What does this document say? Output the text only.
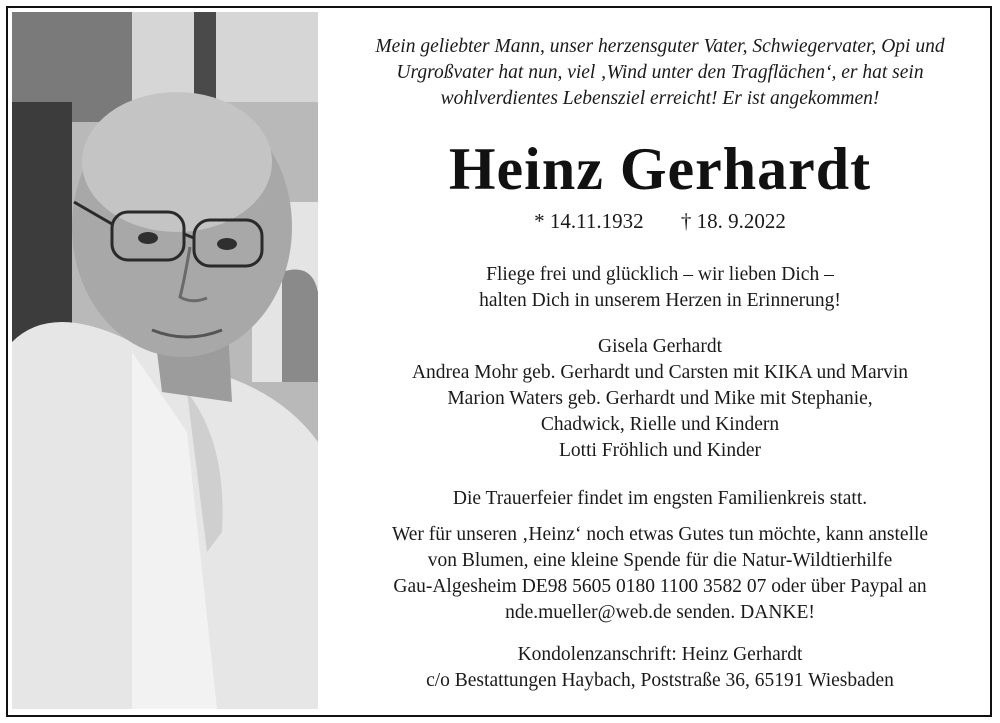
Mein geliebter Mann, unser herzensguter Vater, Schwiegervater, Opi und
Urgroßvater hat nun, viel ‚Wind unter den Tragflächen‘, er hat sein
wohlverdientes Lebensziel erreicht! Er ist angekommen!
Heinz Gerhardt
* 14.11.1932 † 18. 9.2022
Fliege frei und glücklich – wir lieben Dich –
halten Dich in unserem Herzen in Erinnerung!
Gisela Gerhardt
Andrea Mohr geb. Gerhardt und Carsten mit KIKA und Marvin
Marion Waters geb. Gerhardt und Mike mit Stephanie,
Chadwick, Rielle und Kindern
Lotti Fröhlich und Kinder
Die Trauerfeier findet im engsten Familienkreis statt.
Wer für unseren ‚Heinz‘ noch etwas Gutes tun möchte, kann anstelle
von Blumen, eine kleine Spende für die Natur-Wildtierhilfe
Gau-Algesheim DE98 5605 0180 1100 3582 07 oder über Paypal an
nde.mueller@web.de senden. DANKE!
Kondolenzanschrift: Heinz Gerhardt
c/o Bestattungen Haybach, Poststraße 36, 65191 Wiesbaden
